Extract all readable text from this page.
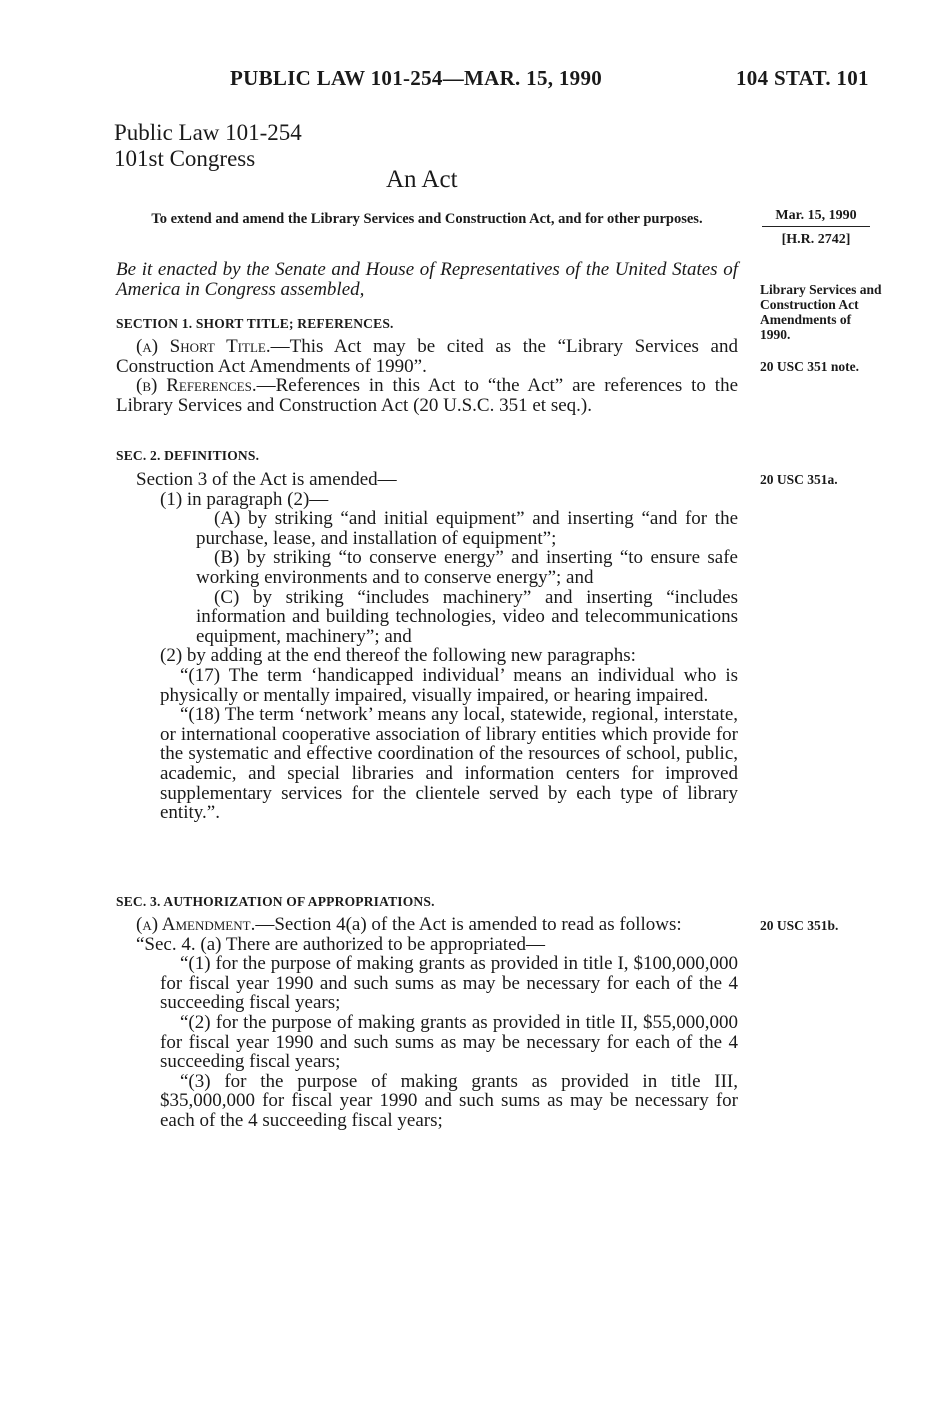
PUBLIC LAW 101-254—MAR. 15, 1990	104 STAT. 101
Public Law 101-254
101st Congress
An Act
To extend and amend the Library Services and Construction Act, and for other purposes.	Mar. 15, 1990
[H.R. 2742]
Library Services and Construction Act Amendments of 1990.
20 USC 351 note.
20 USC 351a.
20 USC 351b.
Be it enacted by the Senate and House of Representatives of the United States of America in Congress assembled,
SECTION 1. SHORT TITLE; REFERENCES.

(a) Short Title.—This Act may be cited as the “Library Services and Construction Act Amendments of 1990”.

(b) References.—References in this Act to “the Act” are references to the Library Services and Construction Act (20 U.S.C. 351 et seq.).

SEC. 2. DEFINITIONS.

Section 3 of the Act is amended—

(1) in paragraph (2)—

(A) by striking “and initial equipment” and inserting “and for the purchase, lease, and installation of equipment”;

(B) by striking “to conserve energy” and inserting “to ensure safe working environments and to conserve energy”; and

(C) by striking “includes machinery” and inserting “includes information and building technologies, video and telecommunications equipment, machinery”; and

(2) by adding at the end thereof the following new paragraphs:

“(17) The term ‘handicapped individual’ means an individual who is physically or mentally impaired, visually impaired, or hearing impaired.

“(18) The term ‘network’ means any local, statewide, regional, interstate, or international cooperative association of library entities which provide for the systematic and effective coordination of the resources of school, public, academic, and special libraries and information centers for improved supplementary services for the clientele served by each type of library entity.”.

SEC. 3. AUTHORIZATION OF APPROPRIATIONS.

(a) Amendment.—Section 4(a) of the Act is amended to read as follows:

“Sec. 4. (a) There are authorized to be appropriated—

“(1) for the purpose of making grants as provided in title I, $100,000,000 for fiscal year 1990 and such sums as may be necessary for each of the 4 succeeding fiscal years;

“(2) for the purpose of making grants as provided in title II, $55,000,000 for fiscal year 1990 and such sums as may be necessary for each of the 4 succeeding fiscal years;

“(3) for the purpose of making grants as provided in title III, $35,000,000 for fiscal year 1990 and such sums as may be necessary for each of the 4 succeeding fiscal years;
